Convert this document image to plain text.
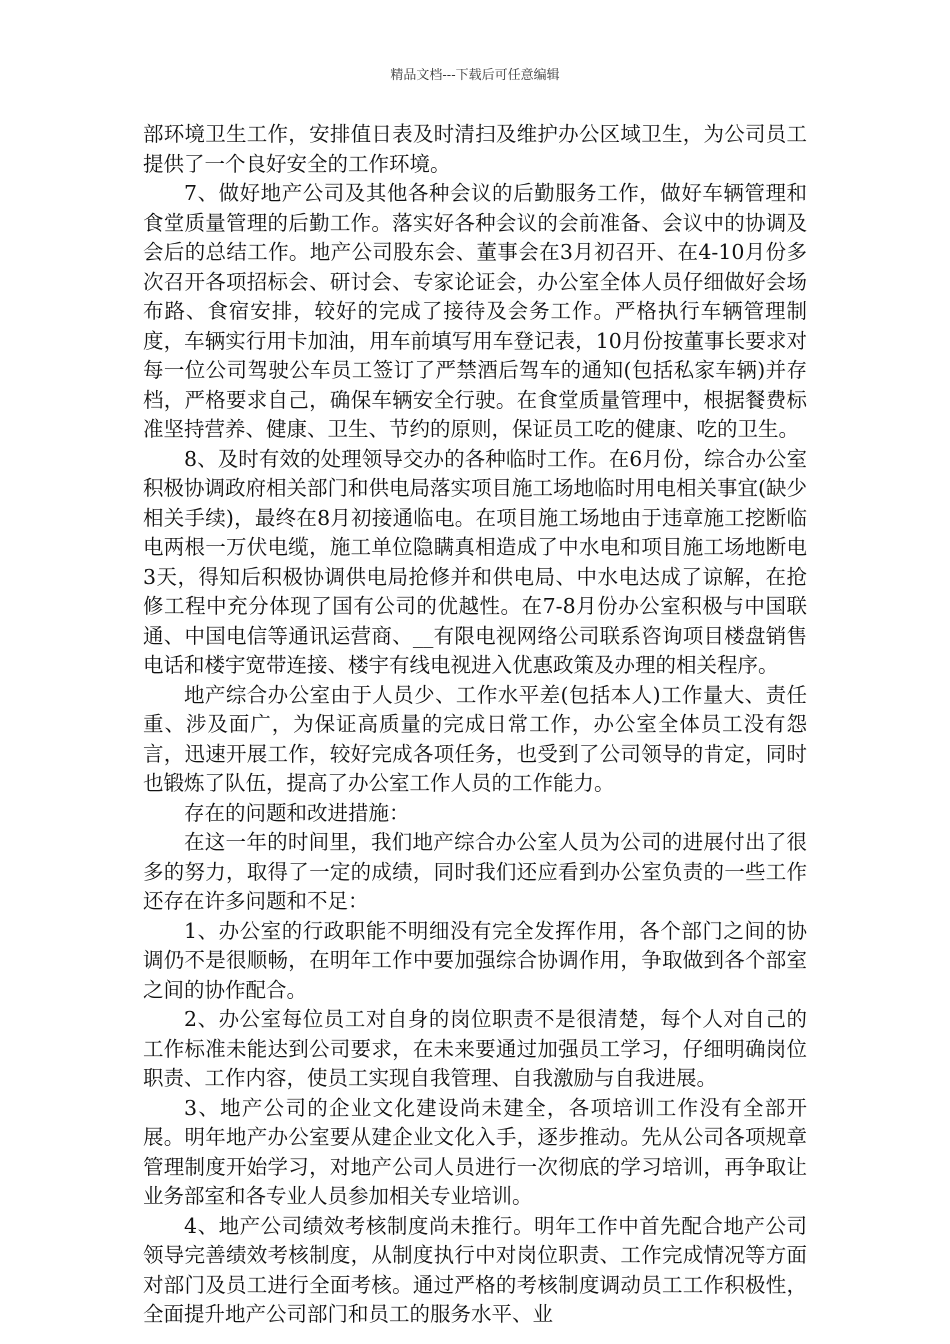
精品文档---下载后可任意编辑

部环境卫生工作，安排值日表及时清扫及维护办公区域卫生，为公司员工提供了一个良好安全的工作环境。

7、做好地产公司及其他各种会议的后勤服务工作，做好车辆管理和食堂质量管理的后勤工作。落实好各种会议的会前准备、会议中的协调及会后的总结工作。地产公司股东会、董事会在3月初召开、在4-10月份多次召开各项招标会、研讨会、专家论证会，办公室全体人员仔细做好会场布路、食宿安排，较好的完成了接待及会务工作。严格执行车辆管理制度，车辆实行用卡加油，用车前填写用车登记表，10月份按董事长要求对每一位公司驾驶公车员工签订了严禁酒后驾车的通知(包括私家车辆)并存档，严格要求自己，确保车辆安全行驶。在食堂质量管理中，根据餐费标准坚持营养、健康、卫生、节约的原则，保证员工吃的健康、吃的卫生。

8、及时有效的处理领导交办的各种临时工作。在6月份，综合办公室积极协调政府相关部门和供电局落实项目施工场地临时用电相关事宜(缺少相关手续)，最终在8月初接通临电。在项目施工场地由于违章施工挖断临电两根一万伏电缆，施工单位隐瞒真相造成了中水电和项目施工场地断电3天，得知后积极协调供电局抢修并和供电局、中水电达成了谅解，在抢修工程中充分体现了国有公司的优越性。在7-8月份办公室积极与中国联通、中国电信等通讯运营商、__有限电视网络公司联系咨询项目楼盘销售电话和楼宇宽带连接、楼宇有线电视进入优惠政策及办理的相关程序。

地产综合办公室由于人员少、工作水平差(包括本人)工作量大、责任重、涉及面广，为保证高质量的完成日常工作，办公室全体员工没有怨言，迅速开展工作，较好完成各项任务，也受到了公司领导的肯定，同时也锻炼了队伍，提高了办公室工作人员的工作能力。

存在的问题和改进措施：

在这一年的时间里，我们地产综合办公室人员为公司的进展付出了很多的努力，取得了一定的成绩，同时我们还应看到办公室负责的一些工作还存在许多问题和不足：

1、办公室的行政职能不明细没有完全发挥作用，各个部门之间的协调仍不是很顺畅，在明年工作中要加强综合协调作用，争取做到各个部室之间的协作配合。

2、办公室每位员工对自身的岗位职责不是很清楚，每个人对自己的工作标准未能达到公司要求，在未来要通过加强员工学习，仔细明确岗位职责、工作内容，使员工实现自我管理、自我激励与自我进展。

3、地产公司的企业文化建设尚未建全，各项培训工作没有全部开展。明年地产办公室要从建企业文化入手，逐步推动。先从公司各项规章管理制度开始学习，对地产公司人员进行一次彻底的学习培训，再争取让业务部室和各专业人员参加相关专业培训。

4、地产公司绩效考核制度尚未推行。明年工作中首先配合地产公司领导完善绩效考核制度，从制度执行中对岗位职责、工作完成情况等方面对部门及员工进行全面考核。通过严格的考核制度调动员工工作积极性，全面提升地产公司部门和员工的服务水平、业
